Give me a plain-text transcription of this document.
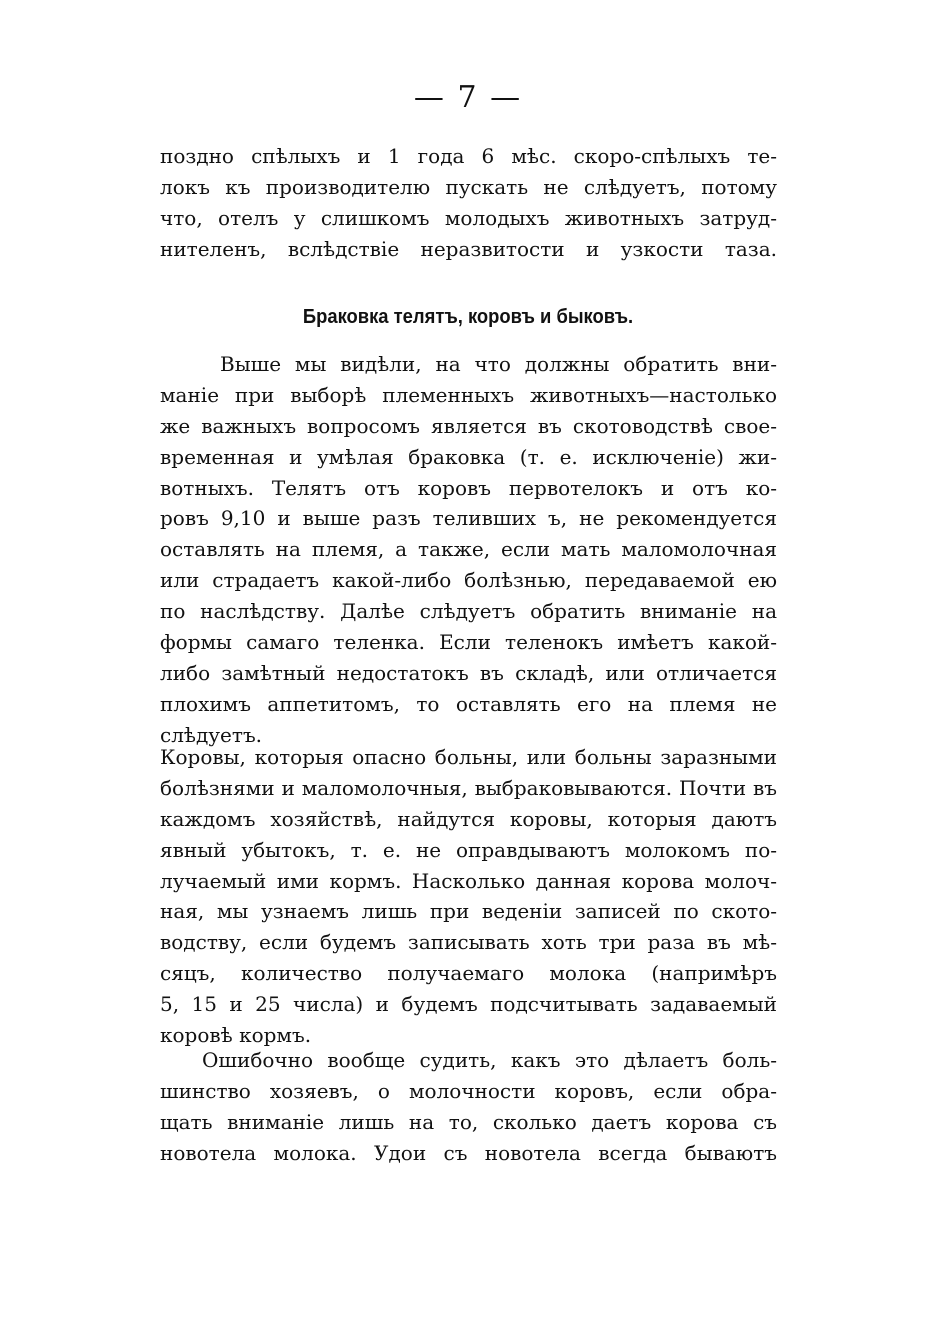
— 7 —
поздно спѣлыхъ и 1 года 6 мѣс. скоро-спѣлыхъ те-
локъ къ производителю пускать не слѣдуетъ, потому
что, отелъ у слишкомъ молодыхъ животныхъ затруд-
нителенъ, вслѣдствіе неразвитости и узкости таза.
Браковка телятъ, коровъ и быковъ.
Выше мы видѣли, на что должны обратить вни-
маніе при выборѣ племенныхъ животныхъ—настолько
же важныхъ вопросомъ является въ скотоводствѣ свое-
временная и умѣлая браковка (т. е. исключеніе) жи-
вотныхъ. Телятъ отъ коровъ первотелокъ и отъ ко-
ровъ 9,10 и выше разъ теливших ъ, не рекомендуется
оставлять на племя, а также, если мать маломолочная
или страдаетъ какой-либо болѣзнью, передаваемой ею
по наслѣдству. Далѣе слѣдуетъ обратить вниманіе на
формы самаго теленка. Если теленокъ имѣетъ какой-
либо замѣтный недостатокъ въ складѣ, или отличается
плохимъ аппетитомъ, то оставлять его на племя не
слѣдуетъ.
Коровы, которыя опасно больны, или больны заразными
болѣзнями и маломолочныя, выбраковываются. Почти въ
каждомъ хозяйствѣ, найдутся коровы, которыя даютъ
явный убытокъ, т. е. не оправдываютъ молокомъ по-
лучаемый ими кормъ. Насколько данная корова молоч-
ная, мы узнаемъ лишь при веденіи записей по ското-
водству, если будемъ записывать хоть три раза въ мѣ-
сяцъ, количество получаемаго молока (напримѣръ
5, 15 и 25 числа) и будемъ подсчитывать задаваемый
коровѣ кормъ.
Ошибочно вообще судить, какъ это дѣлаетъ боль-
шинство хозяевъ, о молочности коровъ, если обра-
щать вниманіе лишь на то, сколько даетъ корова съ
новотела молока. Удои съ новотела всегда бываютъ
